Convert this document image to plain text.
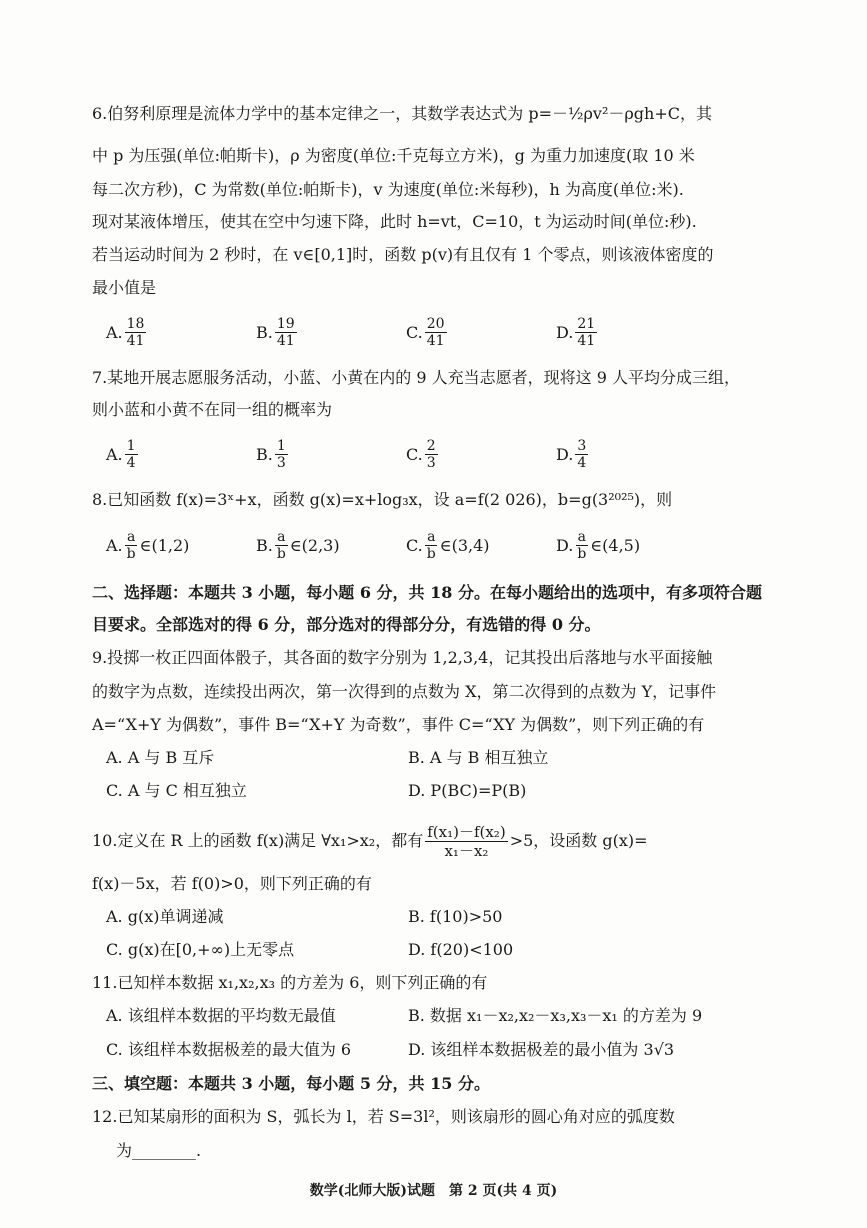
6.伯努利原理是流体力学中的基本定律之一，其数学表达式为 p=－½ρv²－ρgh+C，其
中 p 为压强(单位:帕斯卡)，ρ 为密度(单位:千克每立方米)，g 为重力加速度(取 10 米
每二次方秒)，C 为常数(单位:帕斯卡)，v 为速度(单位:米每秒)，h 为高度(单位:米).
现对某液体增压，使其在空中匀速下降，此时 h=vt，C=10，t 为运动时间(单位:秒).
若当运动时间为 2 秒时，在 v∈[0,1]时，函数 p(v)有且仅有 1 个零点，则该液体密度的
最小值是
A. $\frac{18}{41}$	B. $\frac{19}{41}$	C. $\frac{20}{41}$	D. $\frac{21}{41}$
7.某地开展志愿服务活动，小蓝、小黄在内的 9 人充当志愿者，现将这 9 人平均分成三组，
则小蓝和小黄不在同一组的概率为
A. $\frac{1}{4}$	B. $\frac{1}{3}$	C. $\frac{2}{3}$	D. $\frac{3}{4}$
8.已知函数 f(x)=3ˣ+x，函数 g(x)=x+log₃x，设 a=f(2 026)，b=g(3²⁰²⁵)，则
A. $\frac{a}{b}$ ∈(1,2)	B. $\frac{a}{b}$ ∈(2,3)	C. $\frac{a}{b}$ ∈(3,4)	D. $\frac{a}{b}$ ∈(4,5)
二、选择题：本题共 3 小题，每小题 6 分，共 18 分。在每小题给出的选项中，有多项符合题
目要求。全部选对的得 6 分，部分选对的得部分分，有选错的得 0 分。
9.投掷一枚正四面体骰子，其各面的数字分别为 1,2,3,4，记其投出后落地与水平面接触
的数字为点数，连续投出两次，第一次得到的点数为 X，第二次得到的点数为 Y，记事件
A=“X+Y 为偶数”，事件 B=“X+Y 为奇数”，事件 C=“XY 为偶数”，则下列正确的有
A. A 与 B 互斥	B. A 与 B 相互独立
C. A 与 C 相互独立	D. P(BC)=P(B)
10.定义在 R 上的函数 f(x)满足 ∀x₁>x₂，都有 $\frac{\text{f(x₁)－f(x₂)}}{\text{x₁－x₂}} >5$，设函数 g(x)=
f(x)－5x，若 f(0)>0，则下列正确的有
A. g(x)单调递减	B. f(10)>50
C. g(x)在[0,+∞)上无零点	D. f(20)<100
11.已知样本数据 x₁,x₂,x₃ 的方差为 6，则下列正确的有
A. 该组样本数据的平均数无最值	B. 数据 x₁－x₂,x₂－x₃,x₃－x₁ 的方差为 9
C. 该组样本数据极差的最大值为 6	D. 该组样本数据极差的最小值为 3√3
三、填空题：本题共 3 小题，每小题 5 分，共 15 分。
12.已知某扇形的面积为 S，弧长为 l，若 S=3l²，则该扇形的圆心角对应的弧度数
为________.
数学(北师大版)试题　第 2 页(共 4 页)
